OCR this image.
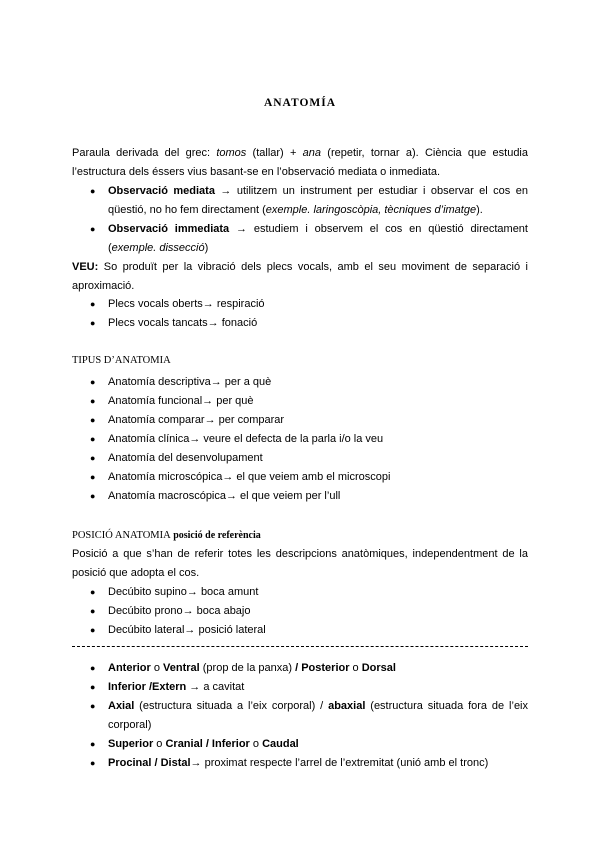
ANATOMÍA
Paraula derivada del grec: tomos (tallar) + ana (repetir, tornar a). Ciència que estudia l’estructura dels éssers vius basant-se en l’observació mediata o inmediata.
● Observació mediata → utilitzem un instrument per estudiar i observar el cos en qüestió, no ho fem directament (exemple. laringoscòpia, tècniques d’imatge).
● Observació immediata → estudiem i observem el cos en qüestió directament (exemple. dissecció)
VEU: So produït per la vibració dels plecs vocals, amb el seu moviment de separació i aproximació.
● Plecs vocals oberts→ respiració
● Plecs vocals tancats→ fonació
TIPUS D’ANATOMIA
● Anatomía descriptiva→ per a què
● Anatomía funcional→ per què
● Anatomía comparar→ per comparar
● Anatomía clínica→ veure el defecta de la parla i/o la veu
● Anatomía del desenvolupament
● Anatomía microscópica→ el que veiem amb el microscopi
● Anatomía macroscópica→ el que veiem per l’ull
POSICIÓ ANATOMIA posició de referència
Posició a que s’han de referir totes les descripcions anatòmiques, independentment de la posició que adopta el cos.
● Decúbito supino→ boca amunt
● Decúbito prono→ boca abajo
● Decúbito lateral→ posició lateral
● Anterior o Ventral (prop de la panxa) / Posterior o Dorsal
● Inferior /Extern → a cavitat
● Axial (estructura situada a l’eix corporal) / abaxial (estructura situada fora de l’eix corporal)
● Superior o Cranial / Inferior o Caudal
● Procinal / Distal→ proximat respecte l’arrel de l’extremitat (unió amb el tronc)
